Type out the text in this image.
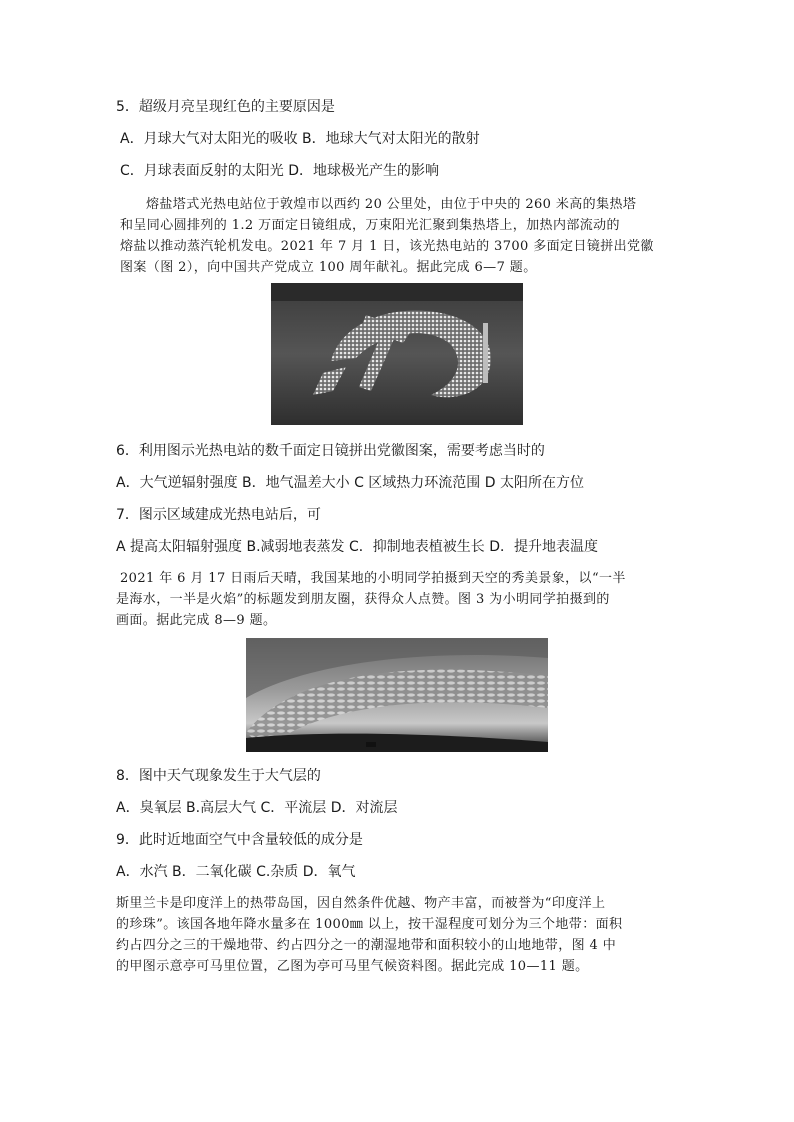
5．超级月亮呈现红色的主要原因是
A．月球大气对太阳光的吸收 B．地球大气对太阳光的散射
C．月球表面反射的太阳光 D．地球极光产生的影响
熔盐塔式光热电站位于敦煌市以西约 20 公里处，由位于中央的 260 米高的集热塔
和呈同心圆排列的 1.2 万面定日镜组成，万束阳光汇聚到集热塔上，加热内部流动的
熔盐以推动蒸汽轮机发电。2021 年 7 月 1 日，该光热电站的 3700 多面定日镜拼出党徽
图案（图 2），向中国共产党成立 100 周年献礼。据此完成 6—7 题。
6．利用图示光热电站的数千面定日镜拼出党徽图案，需要考虑当时的
A．大气逆辐射强度 B．地气温差大小 C 区域热力环流范围 D 太阳所在方位
7．图示区域建成光热电站后，可
A 提高太阳辐射强度 B.减弱地表蒸发 C．抑制地表植被生长 D．提升地表温度
2021 年 6 月 17 日雨后天晴，我国某地的小明同学拍摄到天空的秀美景象，以“一半
是海水，一半是火焰”的标题发到朋友圈，获得众人点赞。图 3 为小明同学拍摄到的
画面。据此完成 8—9 题。
8．图中天气现象发生于大气层的
A．臭氧层 B.高层大气 C．平流层 D．对流层
9．此时近地面空气中含量较低的成分是
A．水汽 B．二氧化碳 C.杂质 D．氧气
斯里兰卡是印度洋上的热带岛国，因自然条件优越、物产丰富，而被誉为“印度洋上
的珍珠”。该国各地年降水量多在 1000㎜ 以上，按干湿程度可划分为三个地带：面积
约占四分之三的干燥地带、约占四分之一的潮湿地带和面积较小的山地地带，图 4 中
的甲图示意亭可马里位置，乙图为亭可马里气候资料图。据此完成 10—11 题。
